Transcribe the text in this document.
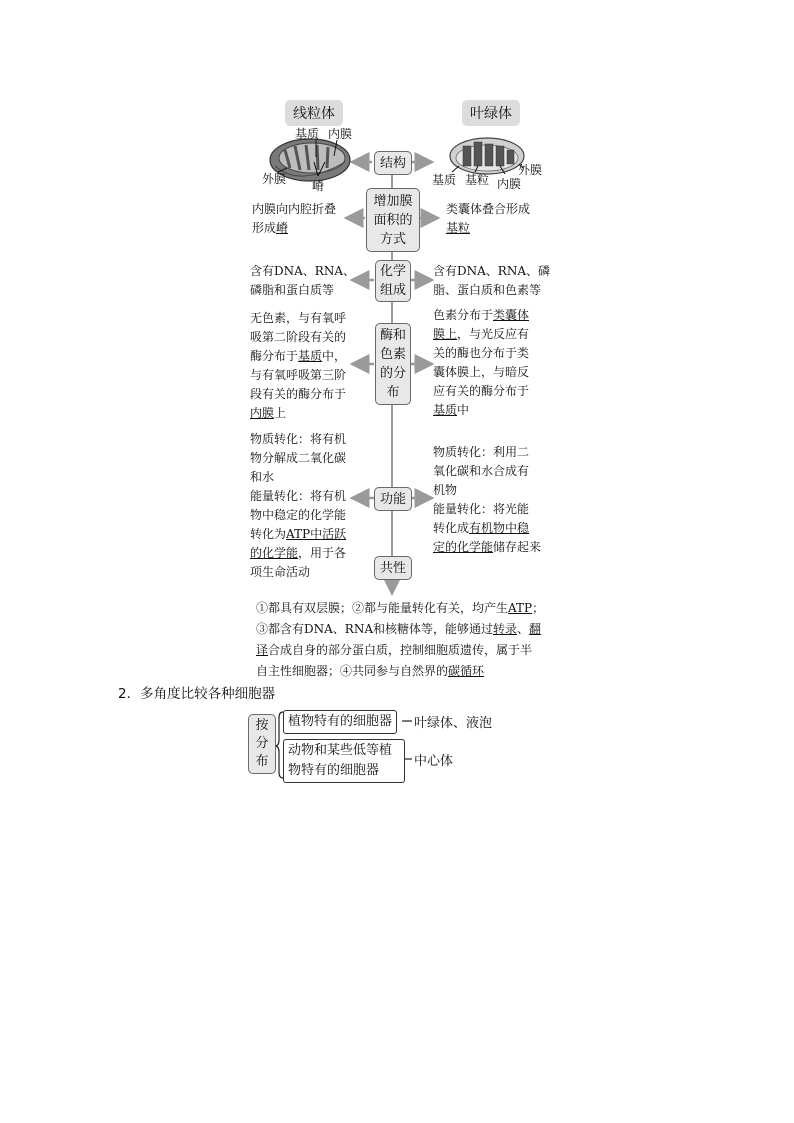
线粒体	叶绿体
基质 内膜
外膜 嵴
外膜
基质 基粒 内膜
结构
增加膜
面积的
方式
化学
组成
酶和
色素
的分
布
功能
共性
内膜向内腔折叠
形成嵴
含有DNA、RNA、
磷脂和蛋白质等
无色素，与有氧呼
吸第二阶段有关的
酶分布于基质中，
与有氧呼吸第三阶
段有关的酶分布于
内膜上
物质转化：将有机
物分解成二氧化碳
和水
能量转化：将有机
物中稳定的化学能
转化为ATP中活跃
的化学能，用于各
项生命活动
类囊体叠合形成
基粒
含有DNA、RNA、磷
脂、蛋白质和色素等
色素分布于类囊体
膜上，与光反应有
关的酶也分布于类
囊体膜上，与暗反
应有关的酶分布于
基质中
物质转化：利用二
氧化碳和水合成有
机物
能量转化：将光能
转化成有机物中稳
定的化学能储存起来
①都具有双层膜；②都与能量转化有关，均产生ATP；
③都含有DNA、RNA和核糖体等，能够通过转录、翻
译合成自身的部分蛋白质，控制细胞质遗传，属于半
自主性细胞器；④共同参与自然界的碳循环
2．多角度比较各种细胞器
按
分
布
植物特有的细胞器	叶绿体、液泡
动物和某些低等植
物特有的细胞器
中心体
